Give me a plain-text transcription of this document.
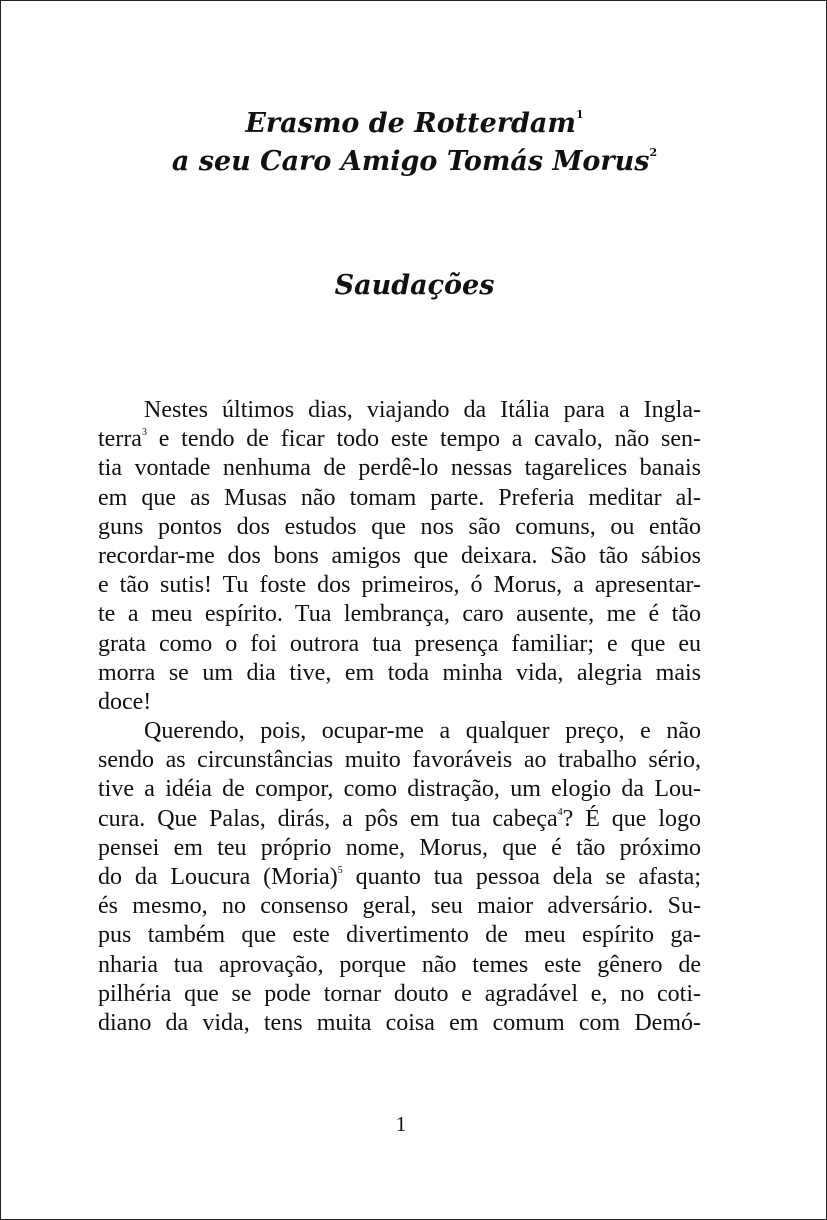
Erasmo de Rotterdam$^1$
a seu Caro Amigo Tomás Morus$^2$
Saudações
Nestes últimos dias, viajando da Itália para a Ingla-
terra$^3$ e tendo de ficar todo este tempo a cavalo, não sen-
tia vontade nenhuma de perdê-lo nessas tagarelices banais
em que as Musas não tomam parte. Preferia meditar al-
guns pontos dos estudos que nos são comuns, ou então
recordar-me dos bons amigos que deixara. São tão sábios
e tão sutis! Tu foste dos primeiros, ó Morus, a apresentar-
te a meu espírito. Tua lembrança, caro ausente, me é tão
grata como o foi outrora tua presença familiar; e que eu
morra se um dia tive, em toda minha vida, alegria mais
doce!
Querendo, pois, ocupar-me a qualquer preço, e não
sendo as circunstâncias muito favoráveis ao trabalho sério,
tive a idéia de compor, como distração, um elogio da Lou-
cura. Que Palas, dirás, a pôs em tua cabeça$^4$? É que logo
pensei em teu próprio nome, Morus, que é tão próximo
do da Loucura (Moria)$^5$ quanto tua pessoa dela se afasta;
és mesmo, no consenso geral, seu maior adversário. Su-
pus também que este divertimento de meu espírito ga-
nharia tua aprovação, porque não temes este gênero de
pilhéria que se pode tornar douto e agradável e, no coti-
diano da vida, tens muita coisa em comum com Demó-
1
